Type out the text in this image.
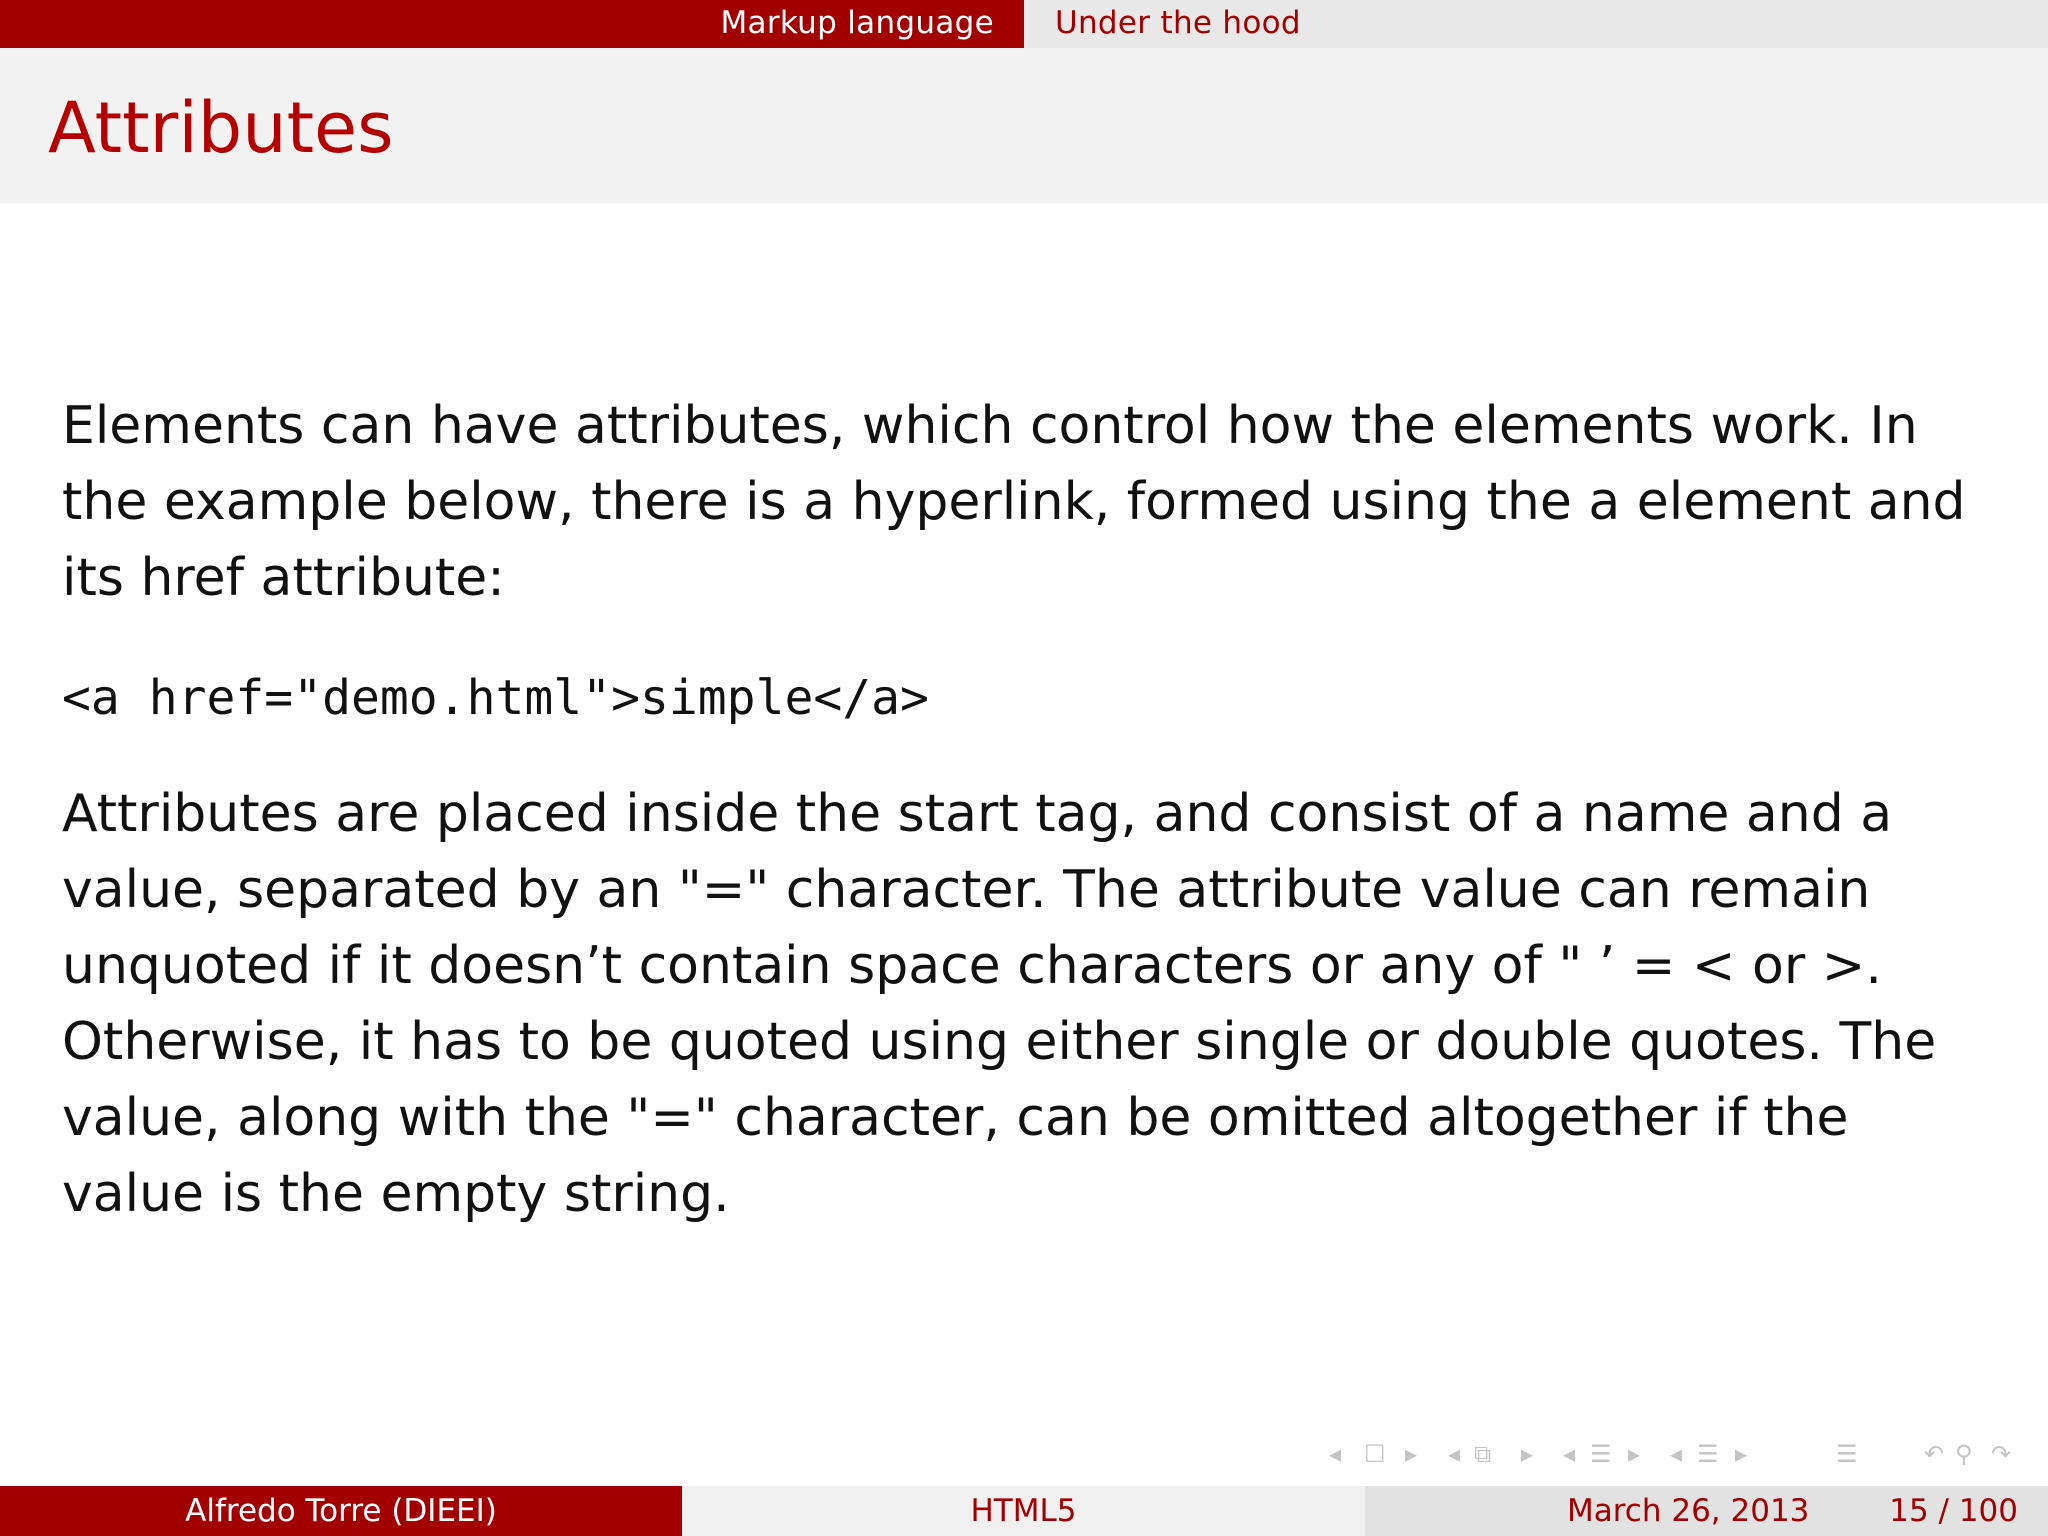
Markup language Under the hood
Attributes

Elements can have attributes, which control how the elements work. In the example below, there is a hyperlink, formed using the a element and its href attribute:

<a href="demo.html">simple</a>

Attributes are placed inside the start tag, and consist of a name and a value, separated by an "=" character. The attribute value can remain unquoted if it doesn’t contain space characters or any of " ’ = < or >. Otherwise, it has to be quoted using either single or double quotes. The value, along with the "=" character, can be omitted altogether if the value is the empty string.

◂ ☐ ▸ ◂ ⧉ ▸ ◂ ☰ ▸ ◂ ☰ ▸	☰	↶ ⚲ ↷
Alfredo Torre (DIEEI)	HTML5	March 26, 2013	15 / 100
